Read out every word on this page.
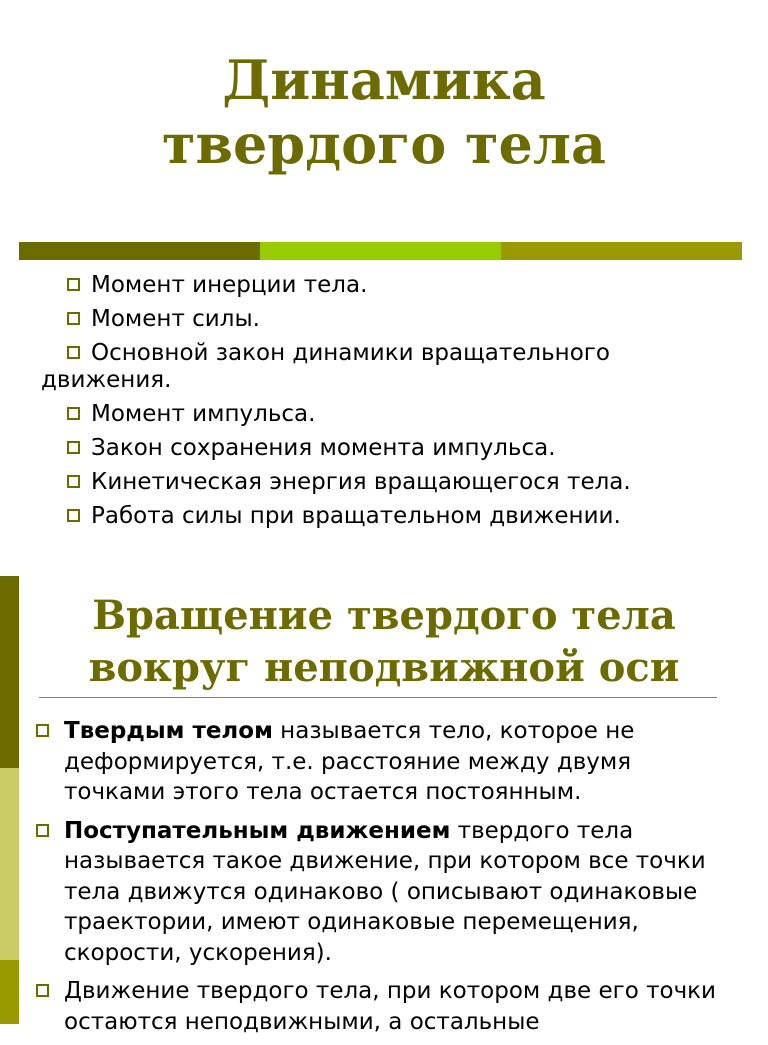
Динамика
твердого тела
Момент инерции тела.
Момент силы.
Основной закон динамики вращательного
движения.
Момент импульса.
Закон сохранения момента импульса.
Кинетическая энергия вращающегося тела.
Работа силы при вращательном движении.
Вращение твердого тела
вокруг неподвижной оси
Твердым телом называется тело, которое не деформируется, т.е. расстояние между двумя точками этого тела остается постоянным.
Поступательным движением твердого тела называется такое движение, при котором все точки тела движутся одинаково ( описывают одинаковые траектории, имеют одинаковые перемещения, скорости, ускорения).
Движение твердого тела, при котором две его точки остаются неподвижными, а остальные
